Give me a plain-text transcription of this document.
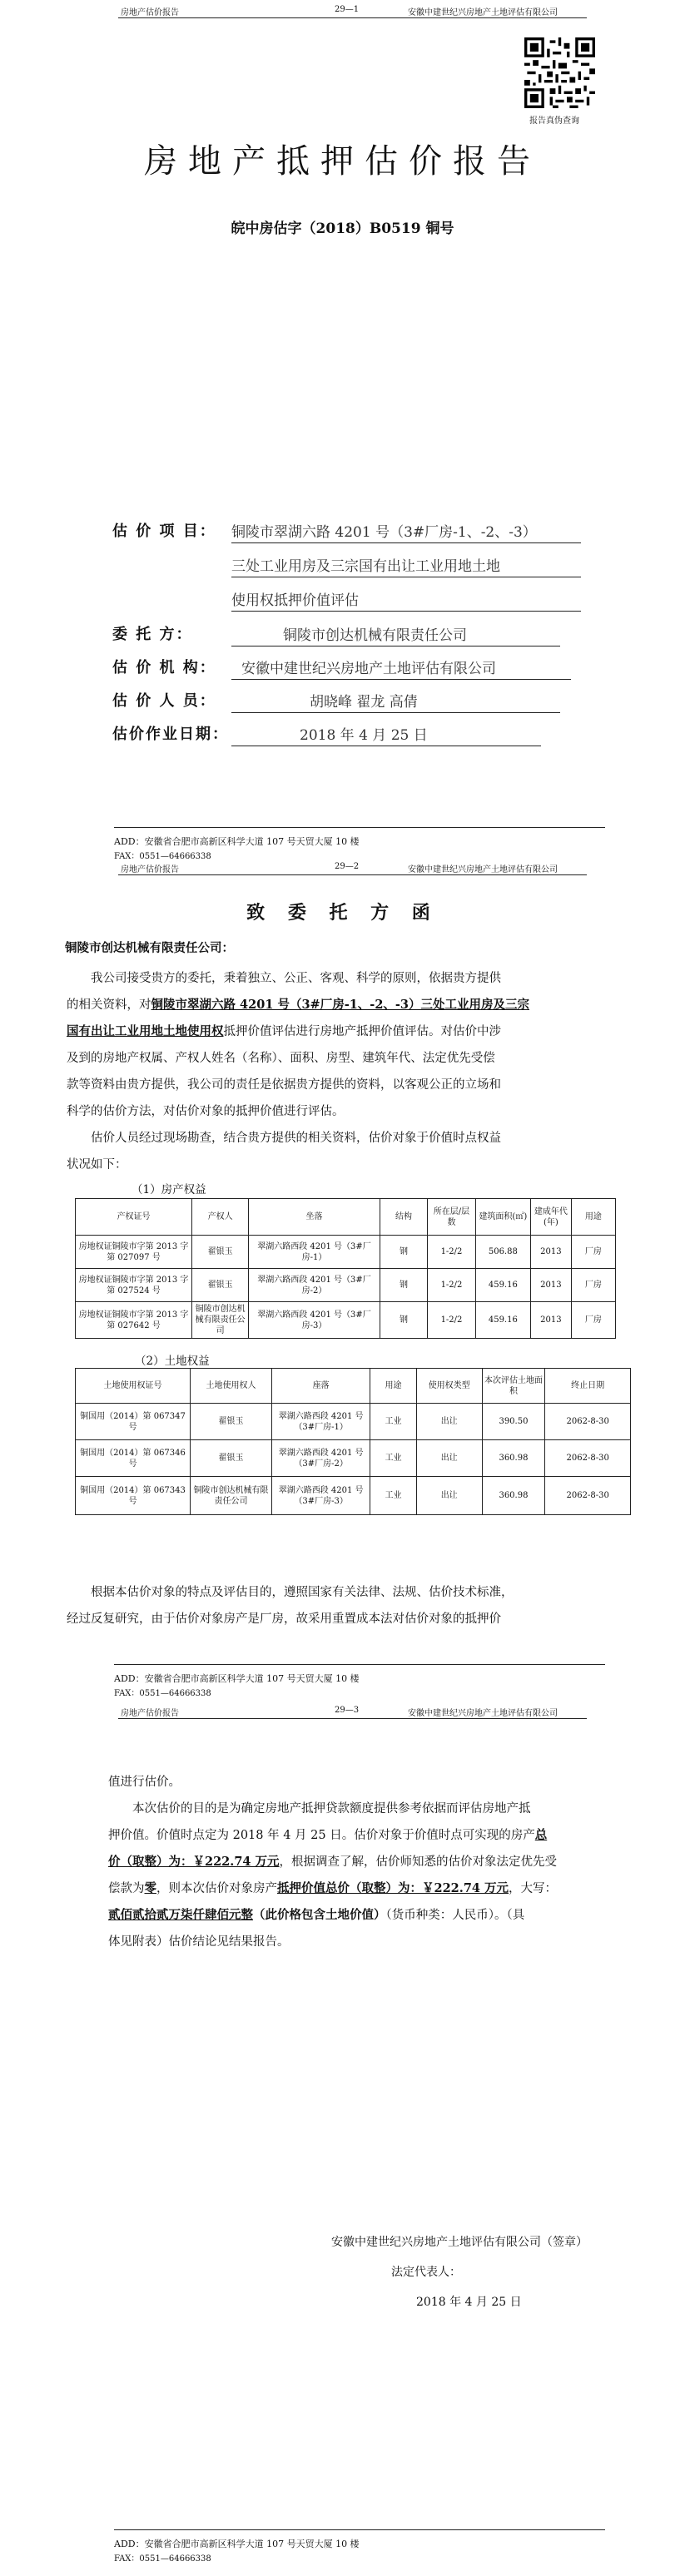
房地产估价报告	29—1	安徽中建世纪兴房地产土地评估有限公司
报告真伪查询
房地产抵押估价报告
皖中房估字（2018）B0519 铜号
估 价 项 目： 铜陵市翠湖六路 4201 号（3#厂房-1、-2、-3）
三处工业用房及三宗国有出让工业用地土地
使用权抵押价值评估
委 托 方：	铜陵市创达机械有限责任公司
估 价 机 构： 安徽中建世纪兴房地产土地评估有限公司
估 价 人 员：	胡晓峰 翟龙 高倩
估价作业日期：	2018 年 4 月 25 日
ADD：安徽省合肥市高新区科学大道 107 号天贸大厦 10 楼
FAX：0551—64666338
房地产估价报告	29—2	安徽中建世纪兴房地产土地评估有限公司
致 委 托 方 函
铜陵市创达机械有限责任公司：
我公司接受贵方的委托，秉着独立、公正、客观、科学的原则，依据贵方提供
的相关资料，对铜陵市翠湖六路 4201 号（3#厂房-1、-2、-3）三处工业用房及三宗
国有出让工业用地土地使用权抵押价值评估进行房地产抵押价值评估。对估价中涉
及到的房地产权属、产权人姓名（名称）、面积、房型、建筑年代、法定优先受偿
款等资料由贵方提供，我公司的责任是依据贵方提供的资料，以客观公正的立场和
科学的估价方法，对估价对象的抵押价值进行评估。
估价人员经过现场勘查，结合贵方提供的相关资料，估价对象于价值时点权益
状况如下：
（1）房产权益
产权证号	产权人	坐落	结构	所在层/层数	建筑面积(㎡)	建成年代(年)	用途
房地权证铜陵市字第 2013 字第 027097 号	翟银玉	翠湖六路西段 4201 号（3#厂房-1）	钢	1-2/2	506.88	2013	厂房
房地权证铜陵市字第 2013 字第 027524 号	翟银玉	翠湖六路西段 4201 号（3#厂房-2）	钢	1-2/2	459.16	2013	厂房
房地权证铜陵市字第 2013 字第 027642 号	铜陵市创达机械有限责任公司	翠湖六路西段 4201 号（3#厂房-3）	钢	1-2/2	459.16	2013	厂房
（2）土地权益
土地使用权证号	土地使用权人	座落	用途	使用权类型	本次评估土地面积	终止日期
铜国用（2014）第 067347 号	翟银玉	翠湖六路西段 4201 号（3#厂房-1）	工业	出让	390.50	2062-8-30
铜国用（2014）第 067346 号	翟银玉	翠湖六路西段 4201 号（3#厂房-2）	工业	出让	360.98	2062-8-30
铜国用（2014）第 067343 号	铜陵市创达机械有限责任公司	翠湖六路西段 4201 号（3#厂房-3）	工业	出让	360.98	2062-8-30
根据本估价对象的特点及评估目的，遵照国家有关法律、法规、估价技术标准，
经过反复研究，由于估价对象房产是厂房，故采用重置成本法对估价对象的抵押价
ADD：安徽省合肥市高新区科学大道 107 号天贸大厦 10 楼
FAX：0551—64666338
房地产估价报告	29—3	安徽中建世纪兴房地产土地评估有限公司
值进行估价。
本次估价的目的是为确定房地产抵押贷款额度提供参考依据而评估房地产抵
押价值。价值时点定为 2018 年 4 月 25 日。估价对象于价值时点可实现的房产总
价（取整）为：￥222.74 万元，根据调查了解，估价师知悉的估价对象法定优先受
偿款为零，则本次估价对象房产抵押价值总价（取整）为：￥222.74 万元，大写：
贰佰贰拾贰万柒仟肆佰元整（此价格包含土地价值）（货币种类：人民币）。（具
体见附表）估价结论见结果报告。
安徽中建世纪兴房地产土地评估有限公司（签章）
法定代表人：
2018 年 4 月 25 日
ADD：安徽省合肥市高新区科学大道 107 号天贸大厦 10 楼
FAX：0551—64666338
